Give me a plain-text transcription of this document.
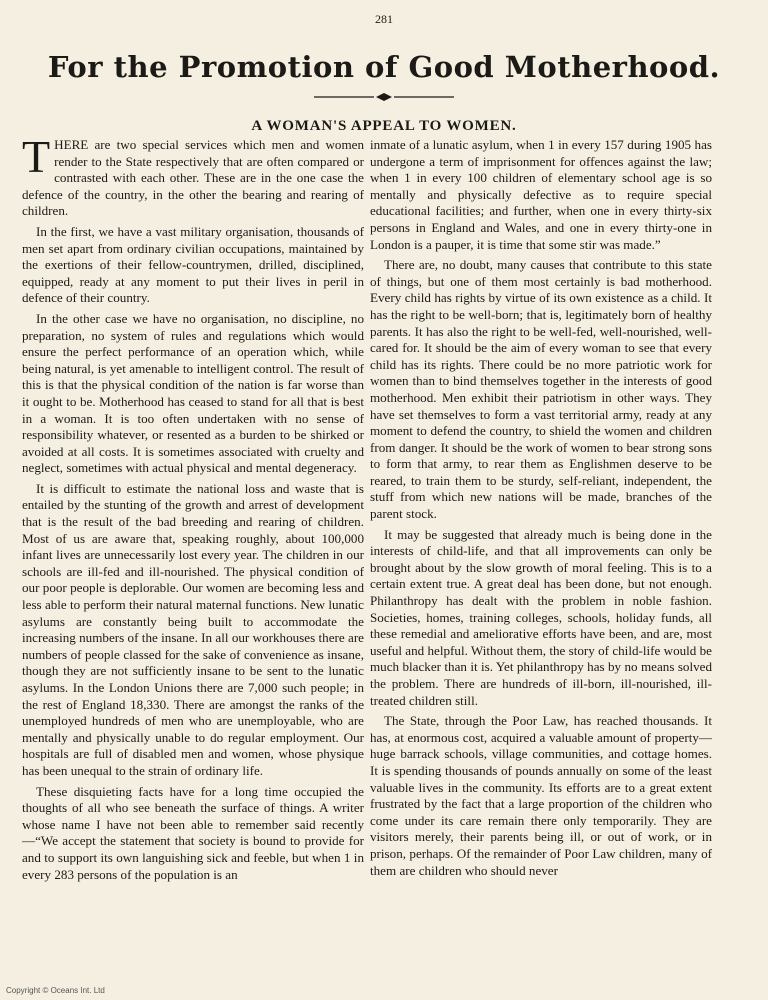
281
For the Promotion of Good Motherhood.
A WOMAN'S APPEAL TO WOMEN.

THERE are two special services which men and women render to the State respectively that are often compared or contrasted with each other. These are in the one case the defence of the country, in the other the bearing and rearing of children.

In the first, we have a vast military organisation, thousands of men set apart from ordinary civilian occupations, maintained by the exertions of their fellow-countrymen, drilled, disciplined, equipped, ready at any moment to put their lives in peril in defence of their country.

In the other case we have no organisation, no discipline, no preparation, no system of rules and regulations which would ensure the perfect performance of an operation which, while being natural, is yet amenable to intelligent control. The result of this is that the physical condition of the nation is far worse than it ought to be. Motherhood has ceased to stand for all that is best in a woman. It is too often undertaken with no sense of responsibility whatever, or resented as a burden to be shirked or avoided at all costs. It is sometimes associated with cruelty and neglect, sometimes with actual physical and mental degeneracy.

It is difficult to estimate the national loss and waste that is entailed by the stunting of the growth and arrest of development that is the result of the bad breeding and rearing of children. Most of us are aware that, speaking roughly, about 100,000 infant lives are unnecessarily lost every year. The children in our schools are ill-fed and ill-nourished. The physical condition of our poor people is deplorable. Our women are becoming less and less able to perform their natural maternal functions. New lunatic asylums are constantly being built to accommodate the increasing numbers of the insane. In all our workhouses there are numbers of people classed for the sake of convenience as insane, though they are not sufficiently insane to be sent to the lunatic asylums. In the London Unions there are 7,000 such people; in the rest of England 18,330. There are amongst the ranks of the unemployed hundreds of men who are unemployable, who are mentally and physically unable to do regular employment. Our hospitals are full of disabled men and women, whose physique has been unequal to the strain of ordinary life.

These disquieting facts have for a long time occupied the thoughts of all who see beneath the surface of things. A writer whose name I have not been able to remember said recently—“We accept the statement that society is bound to provide for and to support its own languishing sick and feeble, but when 1 in every 283 persons of the population is an

inmate of a lunatic asylum, when 1 in every 157 during 1905 has undergone a term of imprisonment for offences against the law; when 1 in every 100 children of elementary school age is so mentally and physically defective as to require special educational facilities; and further, when one in every thirty-six persons in England and Wales, and one in every thirty-one in London is a pauper, it is time that some stir was made.”

There are, no doubt, many causes that contribute to this state of things, but one of them most certainly is bad motherhood. Every child has rights by virtue of its own existence as a child. It has the right to be well-born; that is, legitimately born of healthy parents. It has also the right to be well-fed, well-nourished, well-cared for. It should be the aim of every woman to see that every child has its rights. There could be no more patriotic work for women than to bind themselves together in the interests of good motherhood. Men exhibit their patriotism in other ways. They have set themselves to form a vast territorial army, ready at any moment to defend the country, to shield the women and children from danger. It should be the work of women to bear strong sons to form that army, to rear them as Englishmen deserve to be reared, to train them to be sturdy, self-reliant, independent, the stuff from which new nations will be made, branches of the parent stock.

It may be suggested that already much is being done in the interests of child-life, and that all improvements can only be brought about by the slow growth of moral feeling. This is to a certain extent true. A great deal has been done, but not enough. Philanthropy has dealt with the problem in noble fashion. Societies, homes, training colleges, schools, holiday funds, all these remedial and ameliorative efforts have been, and are, most useful and helpful. Without them, the story of child-life would be much blacker than it is. Yet philanthropy has by no means solved the problem. There are hundreds of ill-born, ill-nourished, ill-treated children still.

The State, through the Poor Law, has reached thousands. It has, at enormous cost, acquired a valuable amount of property—huge barrack schools, village communities, and cottage homes. It is spending thousands of pounds annually on some of the least valuable lives in the community. Its efforts are to a great extent frustrated by the fact that a large proportion of the children who come under its care remain there only temporarily. They are visitors merely, their parents being ill, or out of work, or in prison, perhaps. Of the remainder of Poor Law children, many of them are children who should never

Copyright © Oceans Int. Ltd
